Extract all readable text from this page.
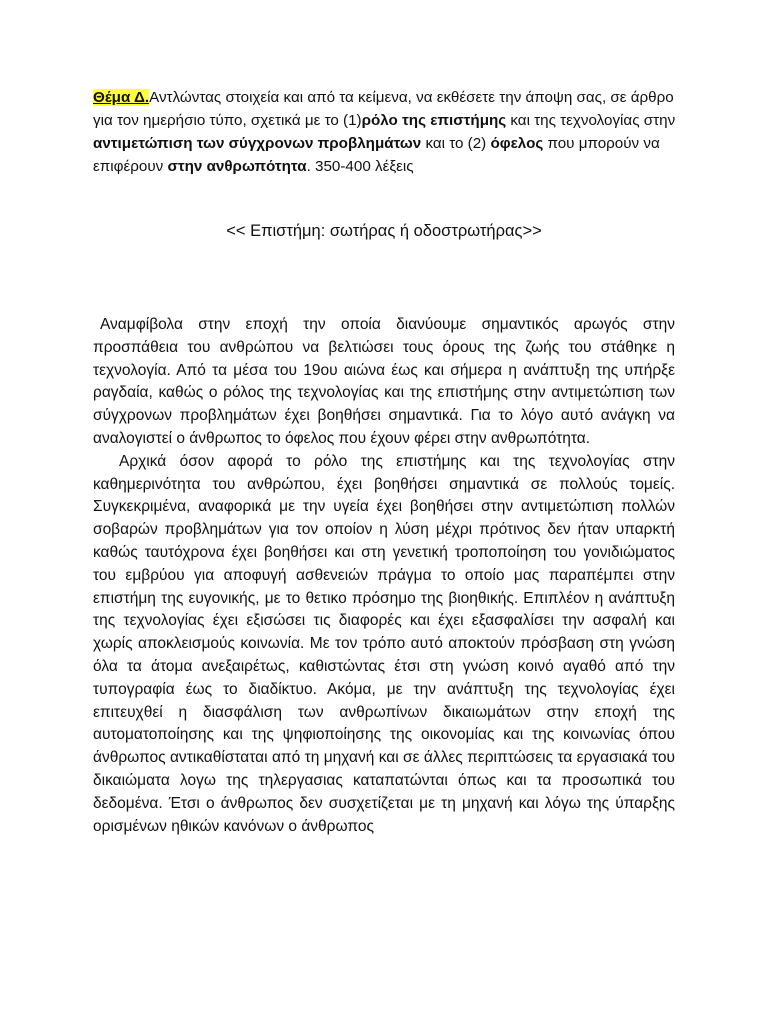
Θέμα Δ.Αντλώντας στοιχεία και από τα κείμενα, να εκθέσετε την άποψη σας, σε άρθρο για τον ημερήσιο τύπο, σχετικά με το (1)ρόλο της επιστήμης και της τεχνολογίας στην αντιμετώπιση των σύγχρονων προβλημάτων και το (2) όφελος που μπορούν να επιφέρουν στην ανθρωπότητα. 350-400 λέξεις
<< Επιστήμη: σωτήρας ή οδοστρωτήρας>>

Αναμφίβολα στην εποχή την οποία διανύουμε σημαντικός αρωγός στην προσπάθεια του ανθρώπου να βελτιώσει τους όρους της ζωής του στάθηκε η τεχνολογία. Από τα μέσα του 19ου αιώνα έως και σήμερα η ανάπτυξη της υπήρξε ραγδαία, καθώς ο ρόλος της τεχνολογίας και της επιστήμης στην αντιμετώπιση των σύγχρονων προβλημάτων έχει βοηθήσει σημαντικά. Για το λόγο αυτό ανάγκη να αναλογιστεί ο άνθρωπος το όφελος που έχουν φέρει στην ανθρωπότητα.

Αρχικά όσον αφορά το ρόλο της επιστήμης και της τεχνολογίας στην καθημερινότητα του ανθρώπου, έχει βοηθήσει σημαντικά σε πολλούς τομείς. Συγκεκριμένα, αναφορικά με την υγεία έχει βοηθήσει στην αντιμετώπιση πολλών σοβαρών προβλημάτων για τον οποίον η λύση μέχρι πρότινος δεν ήταν υπαρκτή καθώς ταυτόχρονα έχει βοηθήσει και στη γενετική τροποποίηση του γονιδιώματος του εμβρύου για αποφυγή ασθενειών πράγμα το οποίο μας παραπέμπει στην επιστήμη της ευγονικής, με το θετικο πρόσημο της βιοηθικής. Επιπλέον η ανάπτυξη της τεχνολογίας έχει εξισώσει τις διαφορές και έχει εξασφαλίσει την ασφαλή και χωρίς αποκλεισμούς κοινωνία. Με τον τρόπο αυτό αποκτούν πρόσβαση στη γνώση όλα τα άτομα ανεξαιρέτως, καθιστώντας έτσι στη γνώση κοινό αγαθό από την τυπογραφία έως το διαδίκτυο. Ακόμα, με την ανάπτυξη της τεχνολογίας έχει επιτευχθεί η διασφάλιση των ανθρωπίνων δικαιωμάτων στην εποχή της αυτοματοποίησης και της ψηφιοποίησης της οικονομίας και της κοινωνίας όπου άνθρωπος αντικαθίσταται από τη μηχανή και σε άλλες περιπτώσεις τα εργασιακά του δικαιώματα λογω της τηλεργασιας καταπατώνται όπως και τα προσωπικά του δεδομένα. Έτσι ο άνθρωπος δεν συσχετίζεται με τη μηχανή και λόγω της ύπαρξης ορισμένων ηθικών κανόνων ο άνθρωπος
